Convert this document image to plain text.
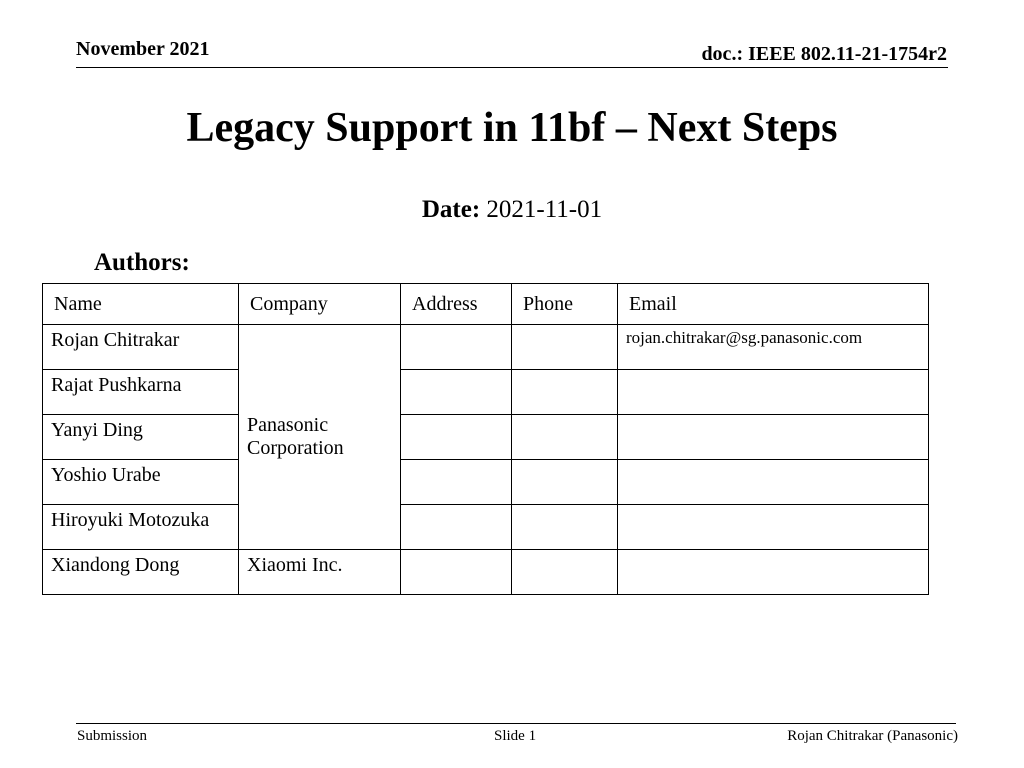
November 2021	doc.: IEEE 802.11-21-1754r2
Legacy Support in 11bf – Next Steps
Date: 2021-11-01
Authors:
Name	Company	Address	Phone	Email
Rojan Chitrakar	Panasonic Corporation			rojan.chitrakar@sg.panasonic.com
Rajat Pushkarna				
Yanyi Ding				
Yoshio Urabe				
Hiroyuki Motozuka				
Xiandong Dong	Xiaomi Inc.			
Submission	Slide 1	Rojan Chitrakar (Panasonic)
